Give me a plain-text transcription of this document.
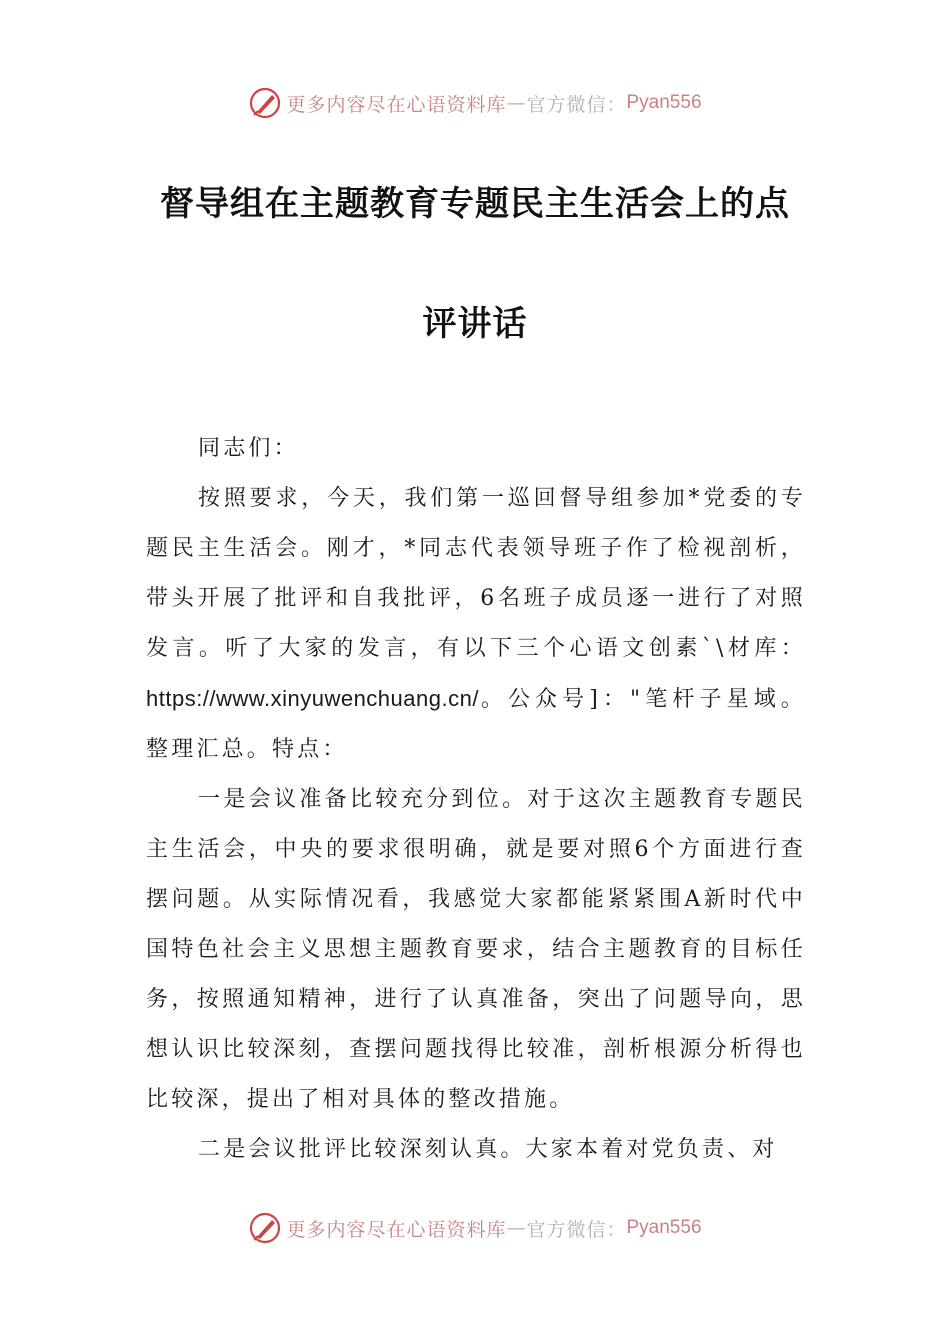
更多内容尽在心语资料库 — 官方微信： Pyan556
督导组在主题教育专题民主生活会上的点
评讲话

同志们：

按照要求，今天，我们第一巡回督导组参加*党委的专题民主生活会。刚才，*同志代表领导班子作了检视剖析，带头开展了批评和自我批评，6名班子成员逐一进行了对照发言。听了大家的发言，有以下三个心语文创素`\材库：https://www.xinyuwenchuang.cn/。公众号]："笔杆子星域。整理汇总。特点：

一是会议准备比较充分到位。对于这次主题教育专题民主生活会，中央的要求很明确，就是要对照6个方面进行查摆问题。从实际情况看，我感觉大家都能紧紧围A新时代中国特色社会主义思想主题教育要求，结合主题教育的目标任务，按照通知精神，进行了认真准备，突出了问题导向，思想认识比较深刻，查摆问题找得比较准，剖析根源分析得也比较深，提出了相对具体的整改措施。

二是会议批评比较深刻认真。大家本着对党负责、对

更多内容尽在心语资料库 — 官方微信： Pyan556
